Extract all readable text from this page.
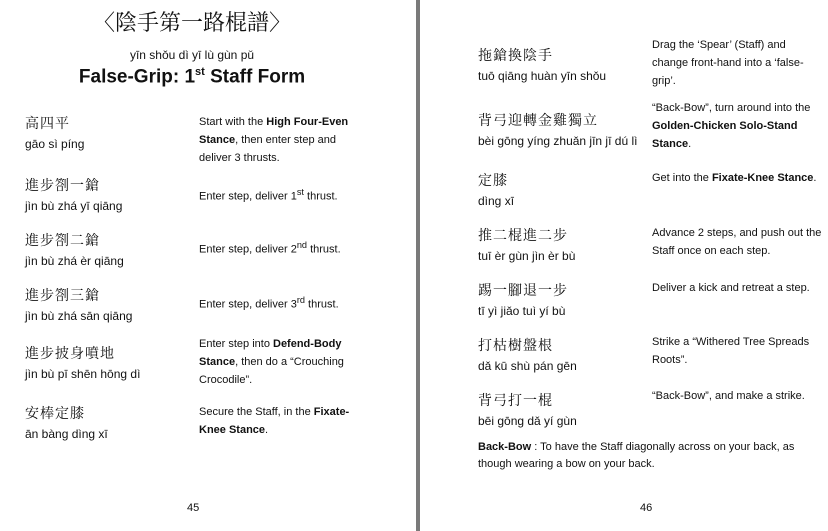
〈陰手第一路棍譜〉
yīn shǒu dì yī lù gùn pǔ
False-Grip: 1st Staff Form
高四平
gāo sì píng
Start with the High Four-Even Stance, then enter step and deliver 3 thrusts.
進步劄一鎗
jìn bù zhá yī qiāng
Enter step, deliver 1st thrust.
進步劄二鎗
jìn bù zhá èr qiāng
Enter step, deliver 2nd thrust.
進步劄三鎗
jìn bù zhá sān qiāng
Enter step, deliver 3rd thrust.
進步披身噴地
jìn bù pī shēn hōng dì
Enter step into Defend-Body Stance, then do a “Crouching Crocodile”.
安棒定膝
ān bàng dìng xī
Secure the Staff, in the Fixate-Knee Stance.
45
拖鎗換陰手
tuō qiāng huàn yīn shǒu
Drag the ‘Spear’ (Staff) and change front-hand into a ‘false-grip’.
背弓迎轉金雞獨立
bèi gōng yíng zhuǎn jīn jī dú lì
“Back-Bow”, turn around into the Golden-Chicken Solo-Stand Stance.
定膝
dìng xī
Get into the Fixate-Knee Stance.
推二棍進二步
tuī èr gùn jìn èr bù
Advance 2 steps, and push out the Staff once on each step.
踢一腳退一步
tī yì jiǎo tuì yí bù
Deliver a kick and retreat a step.
打枯樹盤根
dǎ kū shù pán gēn
Strike a “Withered Tree Spreads Roots”.
背弓打一棍
bēi gōng dǎ yí gùn
“Back-Bow”, and make a strike.
Back-Bow : To have the Staff diagonally across on your back, as though wearing a bow on your back.
46
